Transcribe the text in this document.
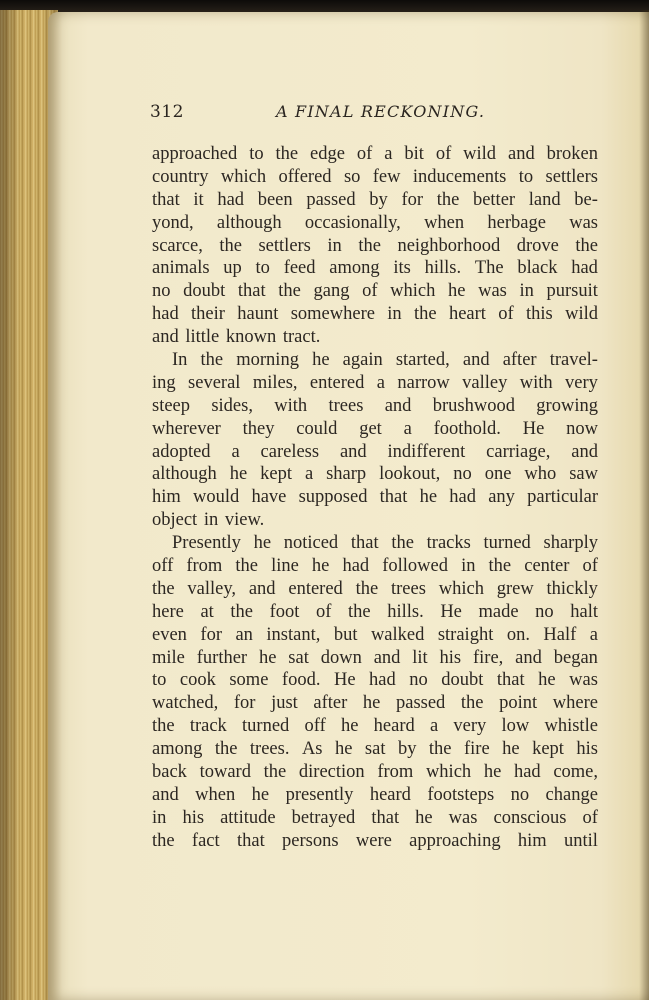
312	A FINAL RECKONING.
approached to the edge of a bit of wild and broken
country which offered so few inducements to settlers
that it had been passed by for the better land be-
yond, although occasionally, when herbage was
scarce, the settlers in the neighborhood drove the
animals up to feed among its hills. The black had
no doubt that the gang of which he was in pursuit
had their haunt somewhere in the heart of this wild
and little known tract.
In the morning he again started, and after travel-
ing several miles, entered a narrow valley with very
steep sides, with trees and brushwood growing
wherever they could get a foothold. He now
adopted a careless and indifferent carriage, and
although he kept a sharp lookout, no one who saw
him would have supposed that he had any particular
object in view.
Presently he noticed that the tracks turned sharply
off from the line he had followed in the center of
the valley, and entered the trees which grew thickly
here at the foot of the hills. He made no halt
even for an instant, but walked straight on. Half a
mile further he sat down and lit his fire, and began
to cook some food. He had no doubt that he was
watched, for just after he passed the point where
the track turned off he heard a very low whistle
among the trees. As he sat by the fire he kept his
back toward the direction from which he had come,
and when he presently heard footsteps no change
in his attitude betrayed that he was conscious of
the fact that persons were approaching him until
